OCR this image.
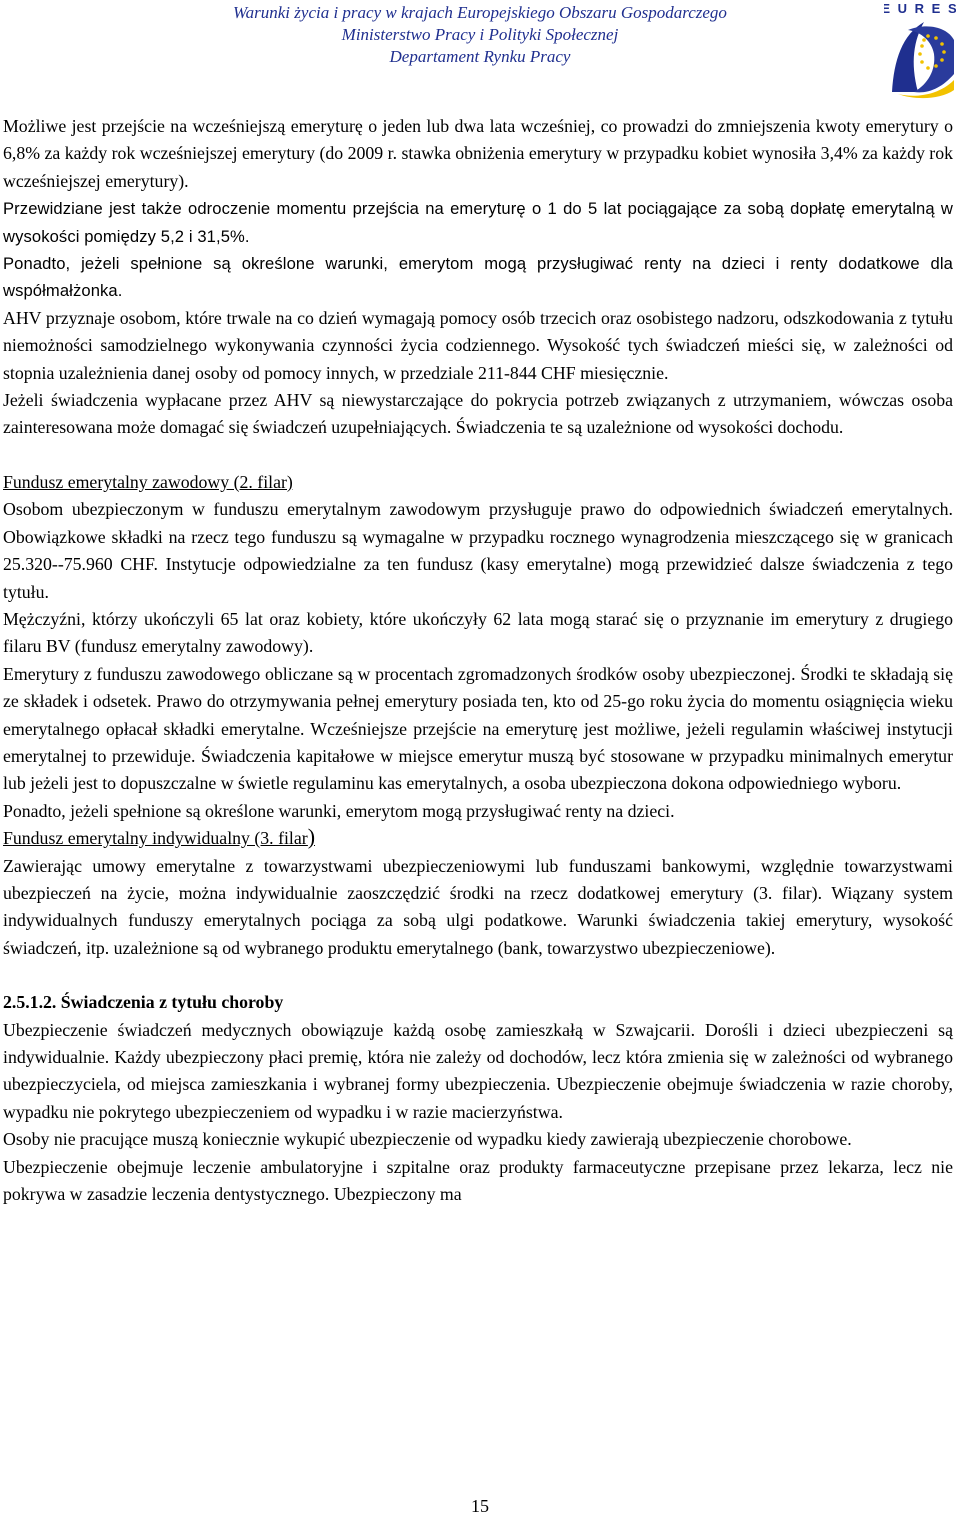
Warunki życia i pracy w krajach Europejskiego Obszaru Gospodarczego
Ministerstwo Pracy i Polityki Społecznej
Departament Rynku Pracy
E U R E S

Możliwe jest przejście na wcześniejszą emeryturę o jeden lub dwa lata wcześniej, co prowadzi do zmniejszenia kwoty emerytury o 6,8% za każdy rok wcześniejszej emerytury (do 2009 r. stawka obniżenia emerytury w przypadku kobiet wynosiła 3,4% za każdy rok wcześniejszej emerytury).

Przewidziane jest także odroczenie momentu przejścia na emeryturę o 1 do 5 lat pociągające za sobą dopłatę emerytalną w wysokości pomiędzy 5,2 i 31,5%.

Ponadto, jeżeli spełnione są określone warunki, emerytom mogą przysługiwać renty na dzieci i renty dodatkowe dla współmałżonka.

AHV przyznaje osobom, które trwale na co dzień wymagają pomocy osób trzecich oraz osobistego nadzoru, odszkodowania z tytułu niemożności samodzielnego wykonywania czynności życia codziennego. Wysokość tych świadczeń mieści się, w zależności od stopnia uzależnienia danej osoby od pomocy innych, w przedziale 211-844 CHF miesięcznie.

Jeżeli świadczenia wypłacane przez AHV są niewystarczające do pokrycia potrzeb związanych z utrzymaniem, wówczas osoba zainteresowana może domagać się świadczeń uzupełniających. Świadczenia te są uzależnione od wysokości dochodu.

Fundusz emerytalny zawodowy (2. filar)

Osobom ubezpieczonym w funduszu emerytalnym zawodowym przysługuje prawo do odpowiednich świadczeń emerytalnych. Obowiązkowe składki na rzecz tego funduszu są wymagalne w przypadku rocznego wynagrodzenia mieszczącego się w granicach 25.320--75.960 CHF. Instytucje odpowiedzialne za ten fundusz (kasy emerytalne) mogą przewidzieć dalsze świadczenia z tego tytułu.

Mężczyźni, którzy ukończyli 65 lat oraz kobiety, które ukończyły 62 lata mogą starać się o przyznanie im emerytury z drugiego filaru BV (fundusz emerytalny zawodowy).

Emerytury z funduszu zawodowego obliczane są w procentach zgromadzonych środków osoby ubezpieczonej. Środki te składają się ze składek i odsetek. Prawo do otrzymywania pełnej emerytury posiada ten, kto od 25-go roku życia do momentu osiągnięcia wieku emerytalnego opłacał składki emerytalne. Wcześniejsze przejście na emeryturę jest możliwe, jeżeli regulamin właściwej instytucji emerytalnej to przewiduje. Świadczenia kapitałowe w miejsce emerytur muszą być stosowane w przypadku minimalnych emerytur lub jeżeli jest to dopuszczalne w świetle regulaminu kas emerytalnych, a osoba ubezpieczona dokona odpowiedniego wyboru.

Ponadto, jeżeli spełnione są określone warunki, emerytom mogą przysługiwać renty na dzieci.

Fundusz emerytalny indywidualny (3. filar)

Zawierając umowy emerytalne z towarzystwami ubezpieczeniowymi lub funduszami bankowymi, względnie towarzystwami ubezpieczeń na życie, można indywidualnie zaoszczędzić środki na rzecz dodatkowej emerytury (3. filar). Wiązany system indywidualnych funduszy emerytalnych pociąga za sobą ulgi podatkowe. Warunki świadczenia takiej emerytury, wysokość świadczeń, itp. uzależnione są od wybranego produktu emerytalnego (bank, towarzystwo ubezpieczeniowe).

2.5.1.2. Świadczenia z tytułu choroby

Ubezpieczenie świadczeń medycznych obowiązuje każdą osobę zamieszkałą w Szwajcarii. Dorośli i dzieci ubezpieczeni są indywidualnie. Każdy ubezpieczony płaci premię, która nie zależy od dochodów, lecz która zmienia się w zależności od wybranego ubezpieczyciela, od miejsca zamieszkania i wybranej formy ubezpieczenia. Ubezpieczenie obejmuje świadczenia w razie choroby, wypadku nie pokrytego ubezpieczeniem od wypadku i w razie macierzyństwa.

Osoby nie pracujące muszą koniecznie wykupić ubezpieczenie od wypadku kiedy zawierają ubezpieczenie chorobowe.

Ubezpieczenie obejmuje leczenie ambulatoryjne i szpitalne oraz produkty farmaceutyczne przepisane przez lekarza, lecz nie pokrywa w zasadzie leczenia dentystycznego. Ubezpieczony ma

15
